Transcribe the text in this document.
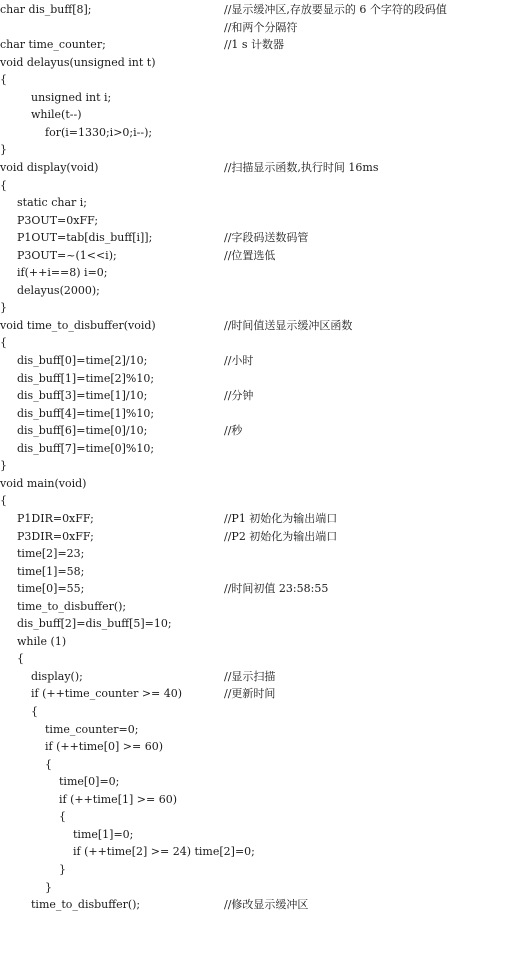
char dis_buff[8];	//显示缓冲区,存放要显示的 6 个字符的段码值
//和两个分隔符
char time_counter;	//1 s 计数器
void delayus(unsigned int t)
{
unsigned int i;
while(t--)
for(i=1330;i>0;i--);
}
void display(void)	//扫描显示函数,执行时间 16ms
{
static char i;
P3OUT=0xFF;
P1OUT=tab[dis_buff[i]];	//字段码送数码管
P3OUT=~(1<<i);	//位置选低
if(++i==8) i=0;
delayus(2000);
}
void time_to_disbuffer(void)	//时间值送显示缓冲区函数
{
dis_buff[0]=time[2]/10;	//小时
dis_buff[1]=time[2]%10;
dis_buff[3]=time[1]/10;	//分钟
dis_buff[4]=time[1]%10;
dis_buff[6]=time[0]/10;	//秒
dis_buff[7]=time[0]%10;
}
void main(void)
{
P1DIR=0xFF;	//P1 初始化为输出端口
P3DIR=0xFF;	//P2 初始化为输出端口
time[2]=23;
time[1]=58;
time[0]=55;	//时间初值 23:58:55
time_to_disbuffer();
dis_buff[2]=dis_buff[5]=10;
while (1)
{
display();	//显示扫描
if (++time_counter >= 40)	//更新时间
{
time_counter=0;
if (++time[0] >= 60)
{
time[0]=0;
if (++time[1] >= 60)
{
time[1]=0;
if (++time[2] >= 24) time[2]=0;
}
}
time_to_disbuffer();	//修改显示缓冲区
